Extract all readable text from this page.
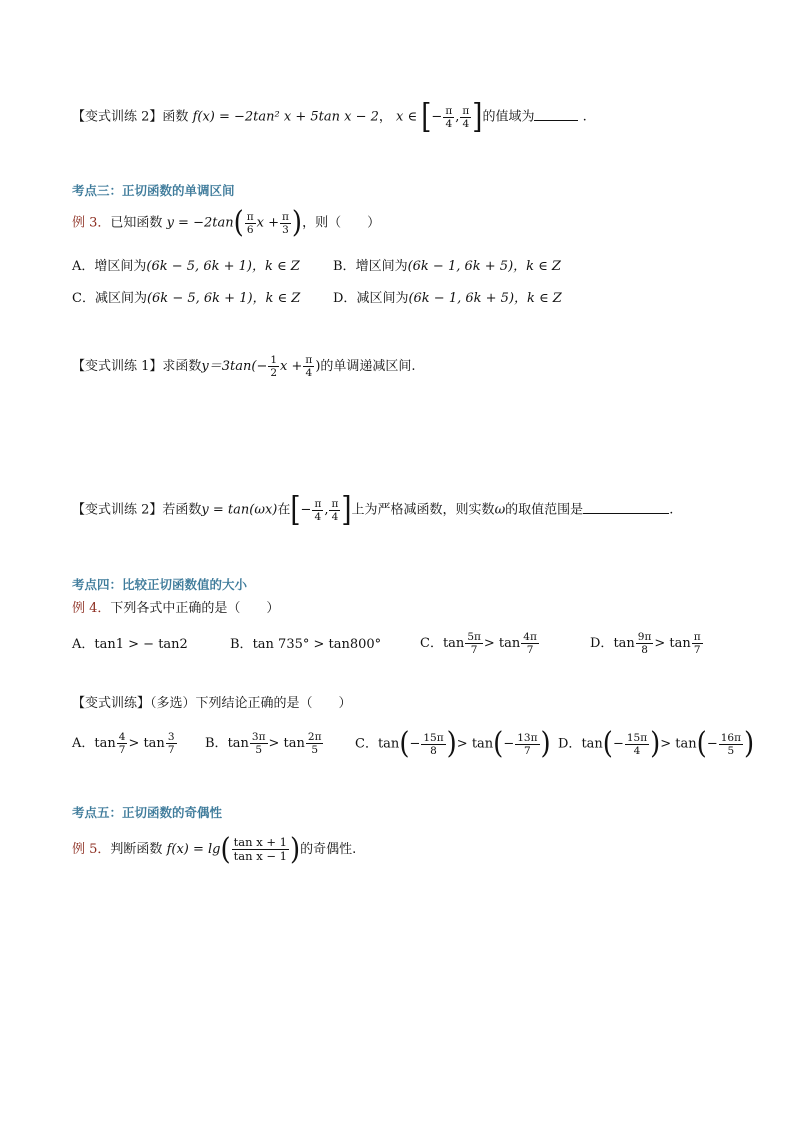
【变式训练 2】函数 f(x) = −2tan² x + 5tan x − 2， x ∈ [− $\frac{\pi}{4}$ , $\frac{\pi}{4}$ ]的值域为	.
考点三：正切函数的单调区间
例 3．已知函数 $y = -2\tan( \frac{\pi}{6}$ $x + \frac{\pi}{3}$ )，则（　　）
A．增区间为(6k − 5, 6k + 1)，k ∈ Z	B．增区间为(6k − 1, 6k + 5)，k ∈ Z
C．减区间为(6k − 5, 6k + 1)，k ∈ Z	D．减区间为(6k − 1, 6k + 5)，k ∈ Z
【变式训练 1】求函数$y=3\tan(- \frac{1}{2}$ $x + \frac{\pi}{4}$ )的单调递减区间.
【变式训练 2】若函数y = tan(ωx)在[− $\frac{\pi}{4}$ , $\frac{\pi}{4}$ ]上为严格减函数，则实数ω的取值范围是	.
考点四：比较正切函数值的大小
例 4．下列各式中正确的是（　　）
A．tan1 > − tan2	B．tan 735° > tan800°	C．$\tan \frac{5\pi}{7} > \tan \frac{4\pi}{7}$	D．$\tan \frac{9\pi}{8} > \tan \frac{\pi}{7}$
【变式训练】（多选）下列结论正确的是（　　）
A．$\tan \frac{4}{7} > \tan \frac{3}{7}$ B．$\tan \frac{3\pi}{5} > \tan \frac{2\pi}{5}$ C．$\tan(- \frac{15\pi}{8}$ )> $\tan(- \frac{13\pi}{7}$ ) D．$\tan(- \frac{15\pi}{4}$ )> $\tan(- \frac{16\pi}{5}$ )
考点五：正切函数的奇偶性
例 5．判断函数 $f(x) = \lg( \frac{\text{tan x + 1}}{\text{tan x − 1}}$ )的奇偶性.
